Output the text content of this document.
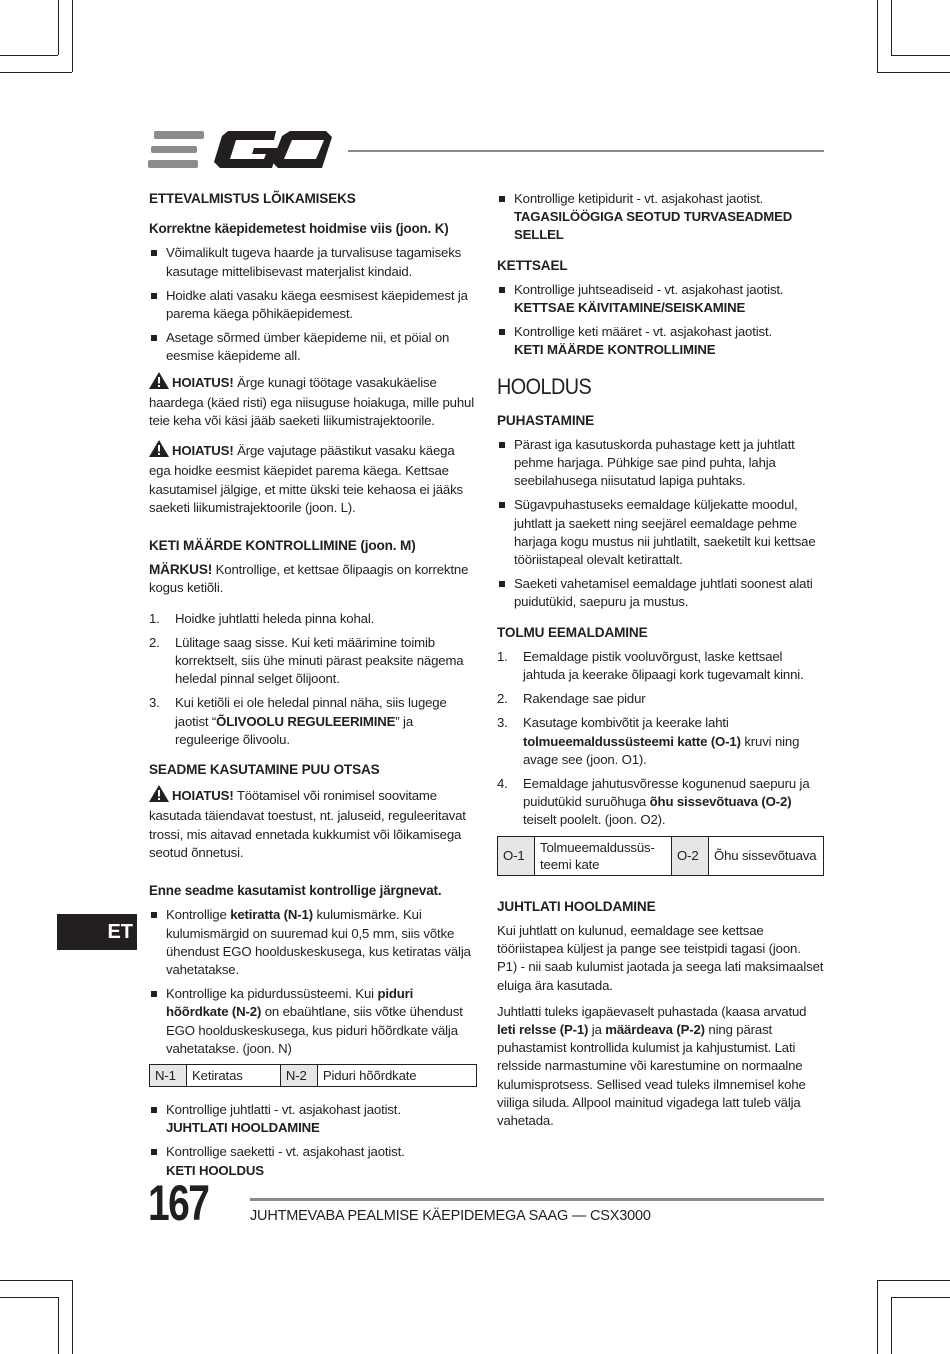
ETTEVALMISTUS LÕIKAMISEKS
Korrektne käepidemetest hoidmise viis (joon. K)
Võimalikult tugeva haarde ja turvalisuse tagamiseks kasutage mittelibisevast materjalist kindaid.
Hoidke alati vasaku käega eesmisest käepidemest ja parema käega põhikäepidemest.
Asetage sõrmed ümber käepideme nii, et pöial on eesmise käepideme all.

HOIATUS! Ärge kunagi töötage vasakukäelise haardega (käed risti) ega niisuguse hoiakuga, mille puhul teie keha või käsi jääb saeketi liikumistrajektoorile.

HOIATUS! Ärge vajutage päästikut vasaku käega ega hoidke eesmist käepidet parema käega. Kettsae kasutamisel jälgige, et mitte ükski teie kehaosa ei jääks saeketi liikumistrajektoorile (joon. L).

KETI MÄÄRDE KONTROLLIMINE (joon. M)

MÄRKUS! Kontrollige, et kettsae õlipaagis on korrektne kogus ketiõli.

1. Hoidke juhtlatti heleda pinna kohal.
2. Lülitage saag sisse. Kui keti määrimine toimib korrektselt, siis ühe minuti pärast peaksite nägema heledal pinnal selget õlijoont.
3. Kui ketiõli ei ole heledal pinnal näha, siis lugege jaotist “ÕLIVOOLU REGULEERIMINE” ja reguleerige õlivoolu.
SEADME KASUTAMINE PUU OTSAS

HOIATUS! Töötamisel või ronimisel soovitame kasutada täiendavat toestust, nt. jaluseid, reguleeritavat trossi, mis aitavad ennetada kukkumist või lõikamisega seotud õnnetusi.

Enne seadme kasutamist kontrollige järgnevat.
Kontrollige ketiratta (N-1) kulumismärke. Kui kulumismärgid on suuremad kui 0,5 mm, siis võtke ühendust EGO hoolduskeskusega, kus ketiratas välja vahetatakse.
Kontrollige ka pidurdussüsteemi. Kui piduri hõõrdkate (N-2) on ebaühtlane, siis võtke ühendust EGO hoolduskeskusega, kus piduri hõõrdkate välja vahetatakse. (joon. N)
N-1	Ketiratas	N-2	Piduri hõõrdkate
Kontrollige juhtlatti - vt. asjakohast jaotist.
JUHTLATI HOOLDAMINE
Kontrollige saeketti - vt. asjakohast jaotist.
KETI HOOLDUS
Kontrollige ketipidurit - vt. asjakohast jaotist.
TAGASILÖÖGIGA SEOTUD TURVASEADMED SELLEL
KETTSAEL
Kontrollige juhtseadiseid - vt. asjakohast jaotist.
KETTSAE KÄIVITAMINE/SEISKAMINE
Kontrollige keti määret - vt. asjakohast jaotist.
KETI MÄÄRDE KONTROLLIMINE
HOOLDUS
PUHASTAMINE
Pärast iga kasutuskorda puhastage kett ja juhtlatt pehme harjaga. Pühkige sae pind puhta, lahja seebilahusega niisutatud lapiga puhtaks.
Sügavpuhastuseks eemaldage küljekatte moodul, juhtlatt ja saekett ning seejärel eemaldage pehme harjaga kogu mustus nii juhtlatilt, saeketilt kui kettsae tööriistapeal olevalt ketirattalt.
Saeketi vahetamisel eemaldage juhtlati soonest alati puidutükid, saepuru ja mustus.
TOLMU EEMALDAMINE
1. Eemaldage pistik vooluvõrgust, laske kettsael jahtuda ja keerake õlipaagi kork tugevamalt kinni.
2. Rakendage sae pidur
3. Kasutage kombivõtit ja keerake lahti tolmueemaldussüsteemi katte (O-1) kruvi ning avage see (joon. O1).
4. Eemaldage jahutusvõresse kogunenud saepuru ja puidutükid suruõhuga õhu sissevõtuava (O-2) teiselt poolelt. (joon. O2).
O-1	Tolmueemaldussüsteemi kate	O-2	Õhu sissevõtuava
JUHTLATI HOOLDAMINE

Kui juhtlatt on kulunud, eemaldage see kettsae tööriistapea küljest ja pange see teistpidi tagasi (joon. P1) - nii saab kulumist jaotada ja seega lati maksimaalset eluiga ära kasutada.

Juhtlatti tuleks igapäevaselt puhastada (kaasa arvatud leti relsse (P-1) ja määrdeava (P-2) ning pärast puhastamist kontrollida kulumist ja kahjustumist. Lati relsside narmastumine või karestumine on normaalne kulumisprotsess. Sellised vead tuleks ilmnemisel kohe viiliga siluda. Allpool mainitud vigadega latt tuleb välja vahetada.

ET
167	JUHTMEVABA PEALMISE KÄEPIDEMEGA SAAG — CSX3000
